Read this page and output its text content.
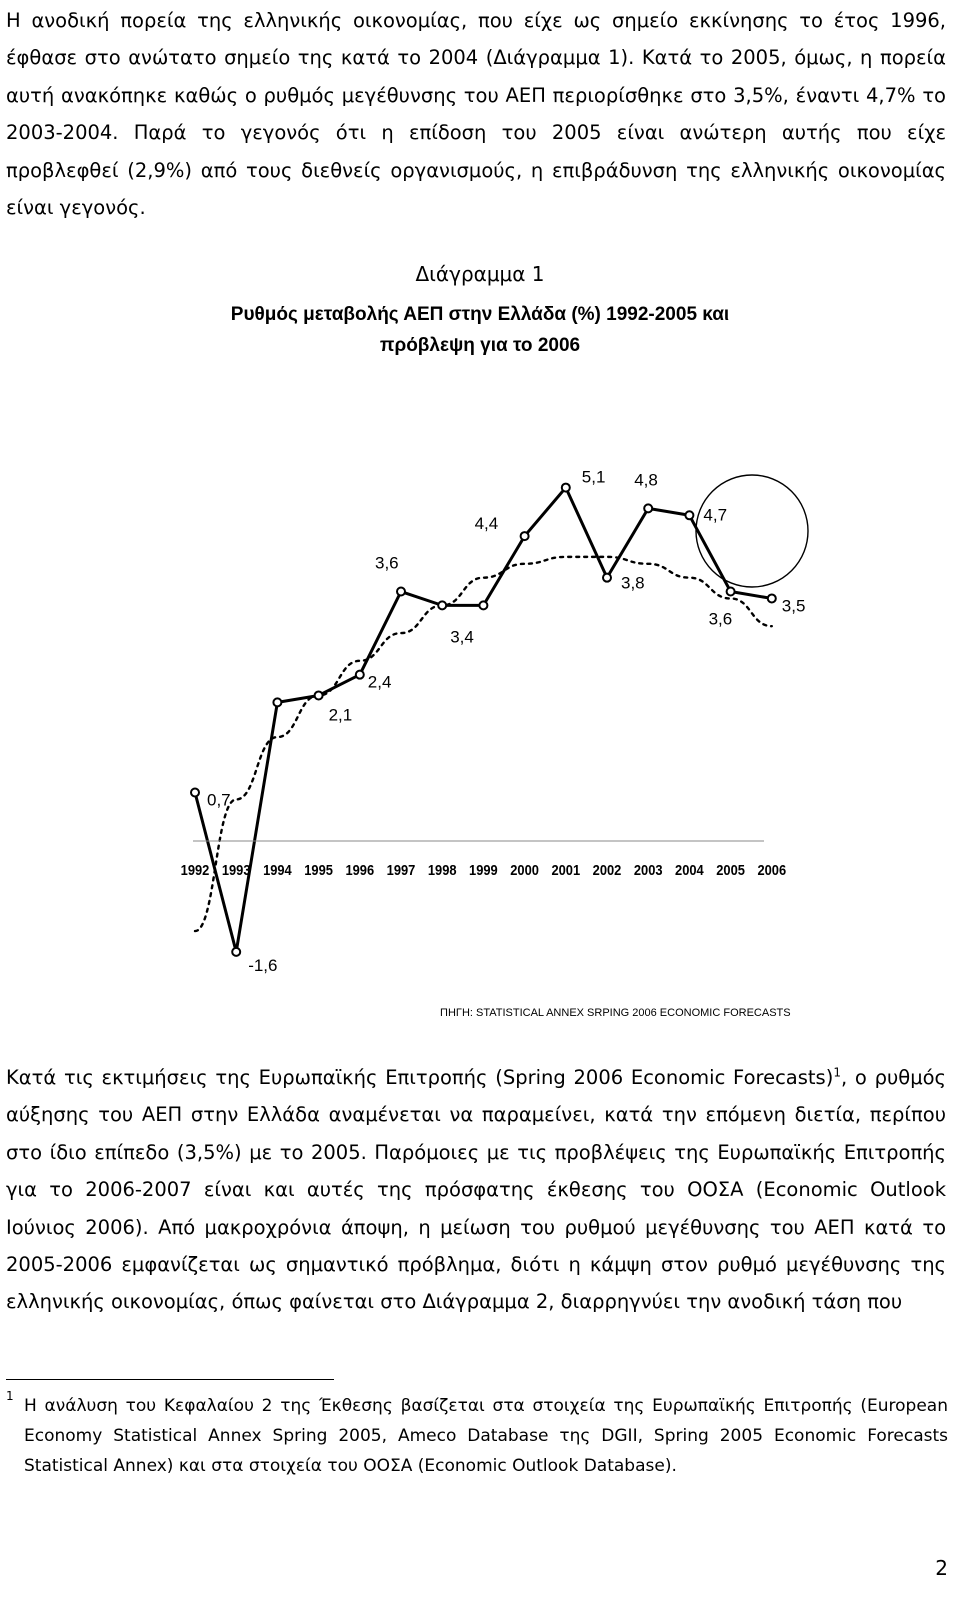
Η ανοδική πορεία της ελληνικής οικονομίας, που είχε ως σημείο εκκίνησης το έτος 1996, έφθασε στο ανώτατο σημείο της κατά το 2004 (Διάγραμμα 1). Κατά το 2005, όμως, η πορεία αυτή ανακόπηκε καθώς ο ρυθμός μεγέθυνσης του ΑΕΠ περιορίσθηκε στο 3,5%, έναντι 4,7% το 2003-2004. Παρά το γεγονός ότι η επίδοση του 2005 είναι ανώτερη αυτής που είχε προβλεφθεί (2,9%) από τους διεθνείς οργανισμούς, η επιβράδυνση της ελληνικής οικονομίας είναι γεγονός.

Διάγραμμα 1
Ρυθμός μεταβολής ΑΕΠ στην Ελλάδα (%) 1992-2005 και
πρόβλεψη για το 2006
0,7
-1,6
2,1
2,4
3,6
3,4
4,4
5,1
3,8
4,8
4,7
3,6
3,5
1992 1993 1994 1995 1996 1997 1998 1999 2000 2001 2002 2003 2004 2005 2006
ΠΗΓΗ: STATISTICAL ANNEX SRPING 2006 ECONOMIC FORECASTS

Κατά τις εκτιμήσεις της Ευρωπαϊκής Επιτροπής (Spring 2006 Economic Forecasts)$^1$, ο ρυθμός αύξησης του ΑΕΠ στην Ελλάδα αναμένεται να παραμείνει, κατά την επόμενη διετία, περίπου στο ίδιο επίπεδο (3,5%) με το 2005. Παρόμοιες με τις προβλέψεις της Ευρωπαϊκής Επιτροπής για το 2006-2007 είναι και αυτές της πρόσφατης έκθεσης του ΟΟΣΑ (Economic Outlook Ιούνιος 2006). Από μακροχρόνια άποψη, η μείωση του ρυθμού μεγέθυνσης του ΑΕΠ κατά το 2005-2006 εμφανίζεται ως σημαντικό πρόβλημα, διότι η κάμψη στον ρυθμό μεγέθυνσης της ελληνικής οικονομίας, όπως φαίνεται στο Διάγραμμα 2, διαρρηγνύει την ανοδική τάση που

1 Η ανάλυση του Κεφαλαίου 2 της Έκθεσης βασίζεται στα στοιχεία της Ευρωπαϊκής Επιτροπής (European Economy Statistical Annex Spring 2005, Ameco Database της DGII, Spring 2005 Economic Forecasts Statistical Annex) και στα στοιχεία του ΟΟΣΑ (Economic Outlook Database).

2
